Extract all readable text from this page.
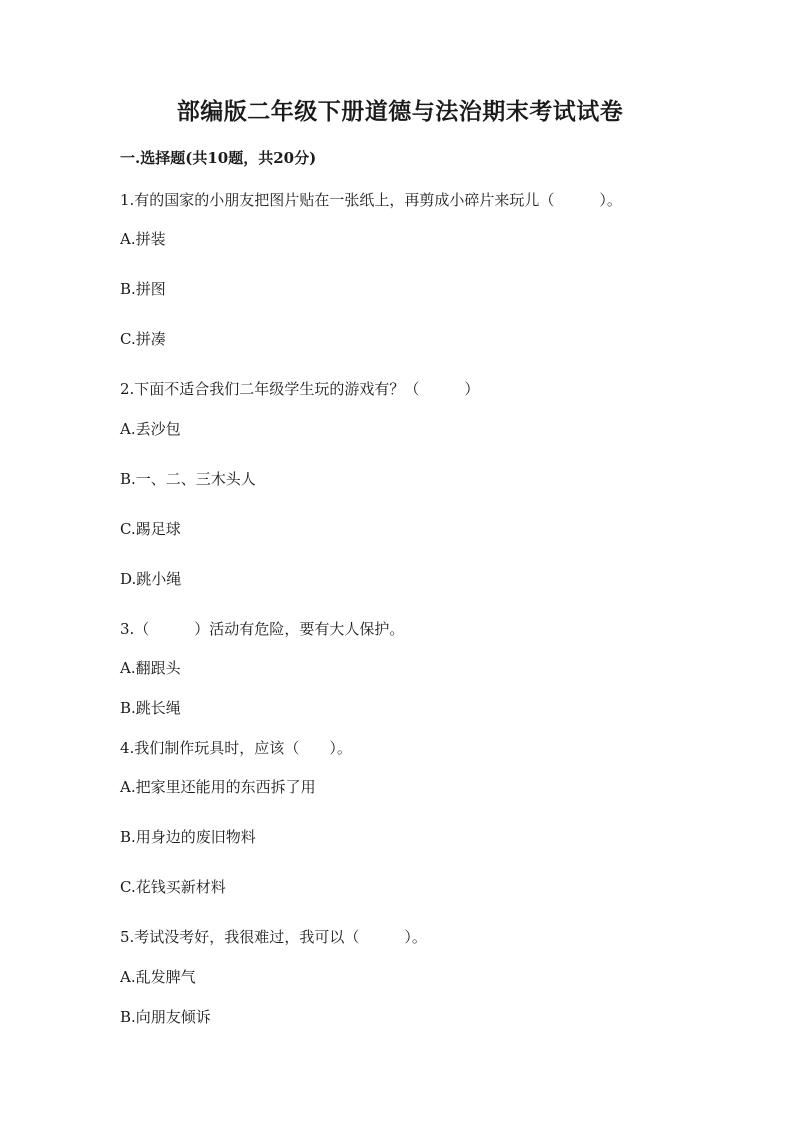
部编版二年级下册道德与法治期末考试试卷
一.选择题(共10题，共20分)
1.有的国家的小朋友把图片贴在一张纸上，再剪成小碎片来玩儿（　　　）。
A.拼装
B.拼图
C.拼凑
2.下面不适合我们二年级学生玩的游戏有？（　　　）
A.丢沙包
B.一、二、三木头人
C.踢足球
D.跳小绳
3.（　　　）活动有危险，要有大人保护。
A.翻跟头
B.跳长绳
4.我们制作玩具时，应该（　　）。
A.把家里还能用的东西拆了用
B.用身边的废旧物料
C.花钱买新材料
5.考试没考好，我很难过，我可以（　　　）。
A.乱发脾气
B.向朋友倾诉
